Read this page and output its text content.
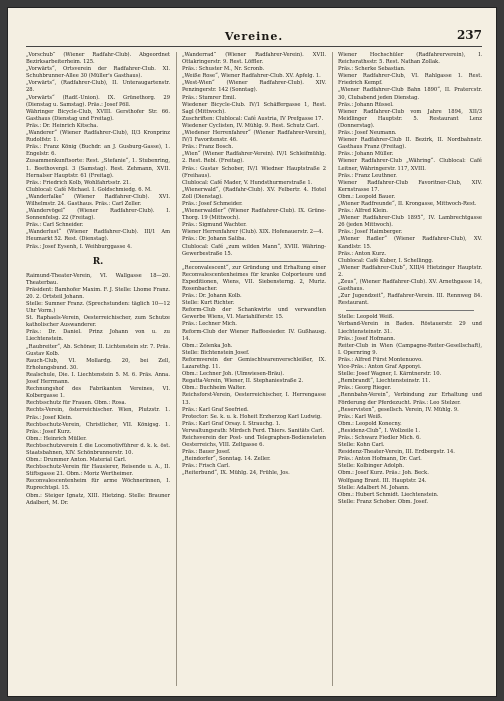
Vereine.	237

„Vorschub“ (Wiener Radfahr-Club). Abgeordnet Bezirksarbeiterheim. 125.

„Vorwärts“, Ortsverein der Radfahrer-Club. XI. Schuhbrunner-Allee 30 (Müller's Gasthaus).

„Vorwärts“, (Radfahrer-Club), II. Unteraugartenstr. 28.

„Vorwärts“ (Radf.-Union). IX. Grünethorg. 29 (Dienstag u. Samstag). Präs.: Josef Pöll.

Währinger Bicycle-Club, XVIII. Gersthofer Str. 66. Gasthaus (Dienstag und Freitag).

Präs.: Dr. Heinrich Kitscha.

„Wanderer“ (Wiener Radfahrer-Club), II/3 Kronprinz Rudolfstr. 1.

Präs.: Franz König (Buchdr. an J. Gusburg-Gasse), 1. Engelstr. 6.

Zusammenkunftsorte: Rest. „Stefanie“, 1. Stubenring, 1. Beethovenpl. 3 (Samstag). Rest. Zehmann, XVII. Hernalser Hauptstr. 61 (Freitag).

Präs.: Friedrich Kolb, Wohlfahrtsstr. 21.

Clublocal: Café Michael. I. Goldschmiedg. 6. M.

„Wanderfalke“ (Wiener Radfahrer-Club). XVI. Wilhelmstr. 24. Gasthaus. Präs.: Carl Zeller.

„Wandervögel“ (Wiener Radfahrer-Club). I. Sonnenfelsg. 22 (Freitag).

Präs.: Carl Schneider.

„Wanderlust“ (Wiener Radfahrer-Club). III/1 Am Heumarkt 52. Rest. (Dienstag).

Präs.: Josef Eysenh, I. Weihburggasse 4.

R.

Raimund-Theater-Verein, VI. Wallgasse 18—20. Theaterbau.

Präsident: Bamhofer Maxim. F. J. Stelle: Lhome Franz. 20. 2. Ortsteil Johann.

Stelle: Sumner Franz. (Sprechstunden: täglich 10—12 Uhr Vorm.)

St. Raphaels-Verein, Oesterreichischer, zum Schutze katholischer Auswanderer.

Präs.: Dr. Daniel. Prinz Johann von u. zu Liechtenstein.

„Raubreiter“, Ab. Schöner, II. Lichtenstein str. 7. Präs. Gustav Kolb.

Rauch-Club, VI. Mollardg. 20, bei Zell, Erholungsbund. 30.

Realschule, Die. I. Liechtenstein 5. M. 6. Präs. Anna. Josef Herrmann.

Rechnungshof des Fabrikanten Vereines, VI. Kolbergasse 1.

Rechtsschutz für Frauen. Obm.: Rosa.

Rechts-Verein, österreichischer. Wien, Plutzstr. 1. Präs.: Josef Klein.

Rechtsschutz-Verein, Christlicher, VII. Königsg. 1. Präs.: Josef Kurz.

Obm.: Heinrich Müller.

Rechtsschutzverein f. die Locomotivführer d. k. k. öst. Staatsbahnen, XIV. Schönbrunnerstr. 10.

Obm.: Drummer Anton. Material Carl.

Rechtsschutz-Verein für Hausierer, Reisende u. A., II. Stiftsgasse 21. Obm.: Moriz Wertheimer.

Reconvalescentenheim für arme Wöchnerinnen, I. Ruprechtspl. 15.

Obm.: Steiger Ignatz, XIII. Hietzing. Stelle: Brauner Adalbert, M. Dr.

„Wanderrad“ (Wiener Radfahrer-Verein). XVII. Ottakringerstr. 9. Rest. Löffler.

Präs.: Schuster M., Nr. Scronb.

„Weiße Rose“, Wiener Radfahrer-Club. XV. Apfelg. 1.

„West-Wien“ (Wiener Radfahrer-Club). XIV. Penzingerstr. 142 (Sonntag).

Präs.: Stumrer Emil.

Wiedener Bicycle-Club. IV/1 Schäffergasse 1, Rest. Sagl (Mittwoch).

Zuschriften: Clublocal: Café Austria, IV Prefgasse 17.

Wiedener Cyclisten, IV. Mühlg. 9. Rest. Schutz Carl.

„Wiedener Herrenfahrer“ (Wiener Radfahrer-Verein), IV/1 Favoritenstr. 46.

Präs.: Franz Bosch.

„Wien“ (Wiener Radfahrer-Verein). IV/1 Schleifmühlg. 2. Rest. Rebl. (Freitag).

Präs.: Gustav Schober, IV/1 Wiedner Hauptstraße 2 (Freihaus).

Clublocal: Café Mader, V. Hundsthurmerstraße 1.

„Wienerwald“, (Radfahr-Club). XV. Felbertr. 4. Hotel Zoll (Dienstag).

Präs.: Josef Schmeider.

„Wienerwaldler“ (Wiener Radfahrer-Club). IX. Grüne-Thorg. 19 (Mittwoch).

Präs.: Sigmund Wachter.

Wiener Herrenfahrer (Club). XIX. Hofenauerstr. 2—4.

Präs.: Dr. Johann Saliba.

Clublocal: Café „zum wilden Mann“, XVIII. Währing-Gewerbestraße 15.

„Reconvalescent“, zur Gründung und Erhaltung einer Reconvalescentenheimes für kranke Colporteure und Expeditionen, Wiens, VII. Siebensterng. 2, Muriz. Rosenbacher.

Präs.: Dr. Johann Kolb.

Stelle: Kurt Richter.

Reform-Club der Schankwirte und verwandten Gewerbe Wiens, VI. Mariahilferstr. 15.

Präs.: Lechner Mich.

Reform-Club der Wiener Raffeesieder. IV. Gußhausg. 14.

Obm.: Zelenka Joh.

Stelle: Bichtenstein Josef.

Reformverein der Gemischtwarenverschleißer, IX. Lazarethg. 11.

Obm.: Lechner Joh. (Ulmwiesen-Bräu).

Regatta-Verein, Wiener, II. Stephaniestraße 2.

Obm.: Buchheim Walter.

Reichsforst-Verein, Oesterreichischer, I. Herrengasse 13.

Präs.: Karl Graf Seefried.

Protector: Se. k. u. k. Hoheit Erzherzog Karl Ludwig.

Präs.: Karl Graf Orsay. I. Strauchg. 1.

Verwaltungsrath: Mirdsch Ferd. Thiers. Sanitäts Carl.

Reichsverein der Post- und Telegraphen-Bediensteten Oesterreichs, VIII. Zeltgasse 6.

Präs.: Bauer Josef.

„Reindorfer“, Sonntag. 14. Zeller.

Präs.: Frisch Carl.

„Reiterbund“, IX. Mühlg. 24, Frühle, Jos.

Wiener Hochschüler (Radfahrerverein), I. Reichsrathsstr. 5. Rest. Nathan Zollak.

Präs.: Scherke Sebastian.

Wiener Radfahrer-Club, VI. Rahlgasse 1. Rest. Friedrich Kempf.

„Wiener Radfahrer-Club Bahn 1890“, II. Pratercstr. 30, Clubabend jeden Dienstag.

Präs.: Johann Rüssel.

Wiener Radfahrer-Club vom Jahre 1894, XII/3 Meidlinger Hauptstr. 5. Restaurant Lenz (Donnerstag).

Präs.: Josef Neumann.

Wiener Radfahrer-Club II. Bezirk, II. Nordbahnstr. Gasthaus Franz (Freitag).

Präs.: Johann Müller.

Wiener Radfahrer-Club „Währing“. Clublocal: Café Leitner, Währingerstr. 117, XVIII.

Präs.: Franz Leuthner.

Wiener Radfahrer-Club Favoritner-Club, XIV. Kernstrasse 17.

Obm.: Leopold Bauer.

„Wiener Radfreunde“, II. Krongasse, Mittwoch-Rest.

Präs.: Alfred Klein.

„Wiener Radfahrer-Club 1895“, IV. Lambrechtgasse 26 (jeden Mittwoch).

Präs.: Josef Haimberger.

„Wiener Radler“ (Wiener Radfahrer-Club), XV. Kandlstr. 15.

Präs.: Anton Kurz.

Clublocal: Café Kuber, I. Schellingg.

„Wiener Radfahrer-Club“, XIII/4 Hietzinger Hauptstr. 2.

„Zeus“, (Wiener Radfahrer-Club). XV. Arnethgasse 14, Gasthaus.

„Zur Jugendzeit“, Radfahrer-Verein. III. Rennweg 84. Restaurant.

Stelle: Leopold Weiß.

Verband-Verein in Baden. Röstauerstr. 29 und Liechtensteinstr. 31.

Präs.: Josef Hofmann.

Reiter-Club in Wien (Campagne-Reiter-Gesellschaft), I. Opernring 9.

Präs.: Alfred Fürst Montenuovo.

Vice-Präs.: Anton Graf Apponyi.

Stelle: Josef Wagner, I. Kärntnerstr. 10.

„Rembrandt“, Liechtensteinstr. 11.

Präs.: Georg Rieger.

„Rennbahn-Verein“, Verbindung zur Erhaltung und Förderung der Pferdezucht. Präs.: Leo Stelzer.

„Reservisten“, gesellsch. Verein, IV. Mühlg. 9.

Präs.: Karl Weiß.

Obm.: Leopold Konecny.

„Residenz-Club“, I. Wollzeile 1.

Präs.: Schwarz Fiedler Mich. 6.

Stelle: Kohn Carl.

Residenz-Theater-Verein, III. Erdbergstr. 14.

Präs.: Anton Hofmann, Dr. Carl.

Stelle: Kolbinger Adolph.

Obm.: Josef Kurz. Präs.: Joh. Beck.

Wolfgang Brant. III. Hauptstr. 24.

Stelle: Adalbert M. Johann.

Obm.: Hubert Schmidt. Liechtenstein.

Stelle: Franz Schober. Obm. Josef.
